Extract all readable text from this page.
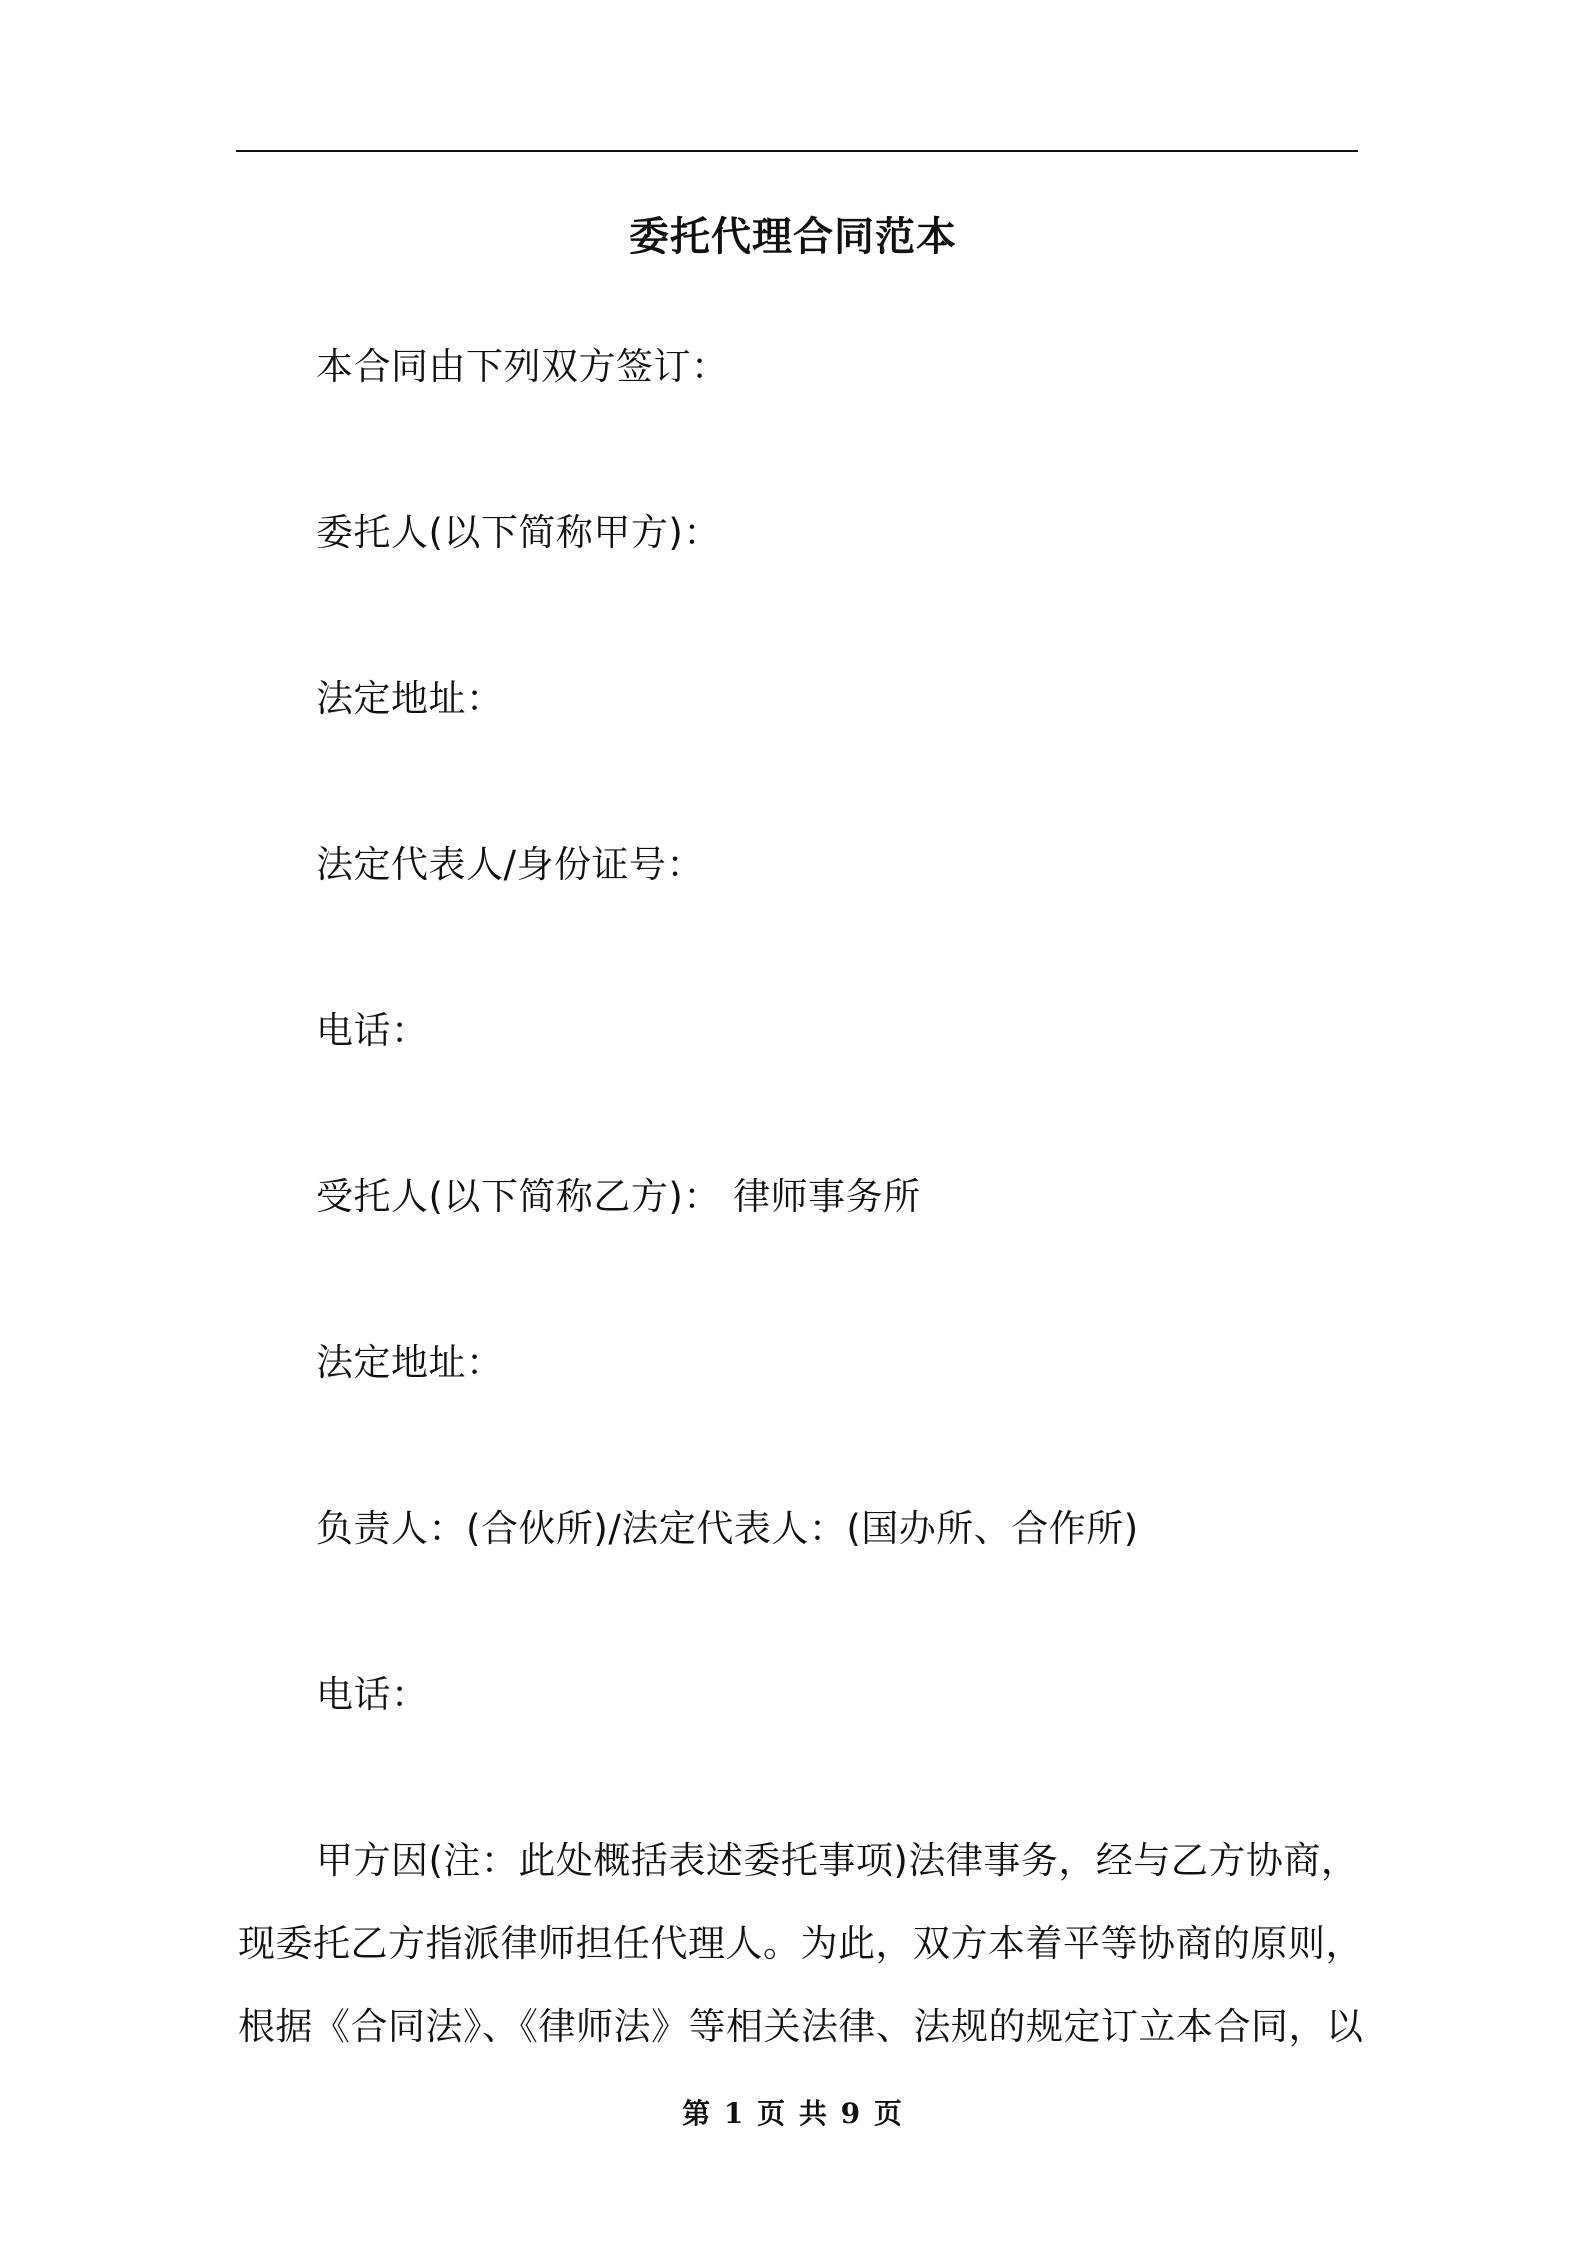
委托代理合同范本
本合同由下列双方签订：
委托人(以下简称甲方)：
法定地址：
法定代表人/身份证号：
电话：
受托人(以下简称乙方)： 律师事务所
法定地址：
负责人：(合伙所)/法定代表人：(国办所、合作所)
电话：
甲方因(注：此处概括表述委托事项)法律事务，经与乙方协商，
现委托乙方指派律师担任代理人。为此，双方本着平等协商的原则，
根据《合同法》、《律师法》等相关法律、法规的规定订立本合同，以
第 1 页 共 9 页
